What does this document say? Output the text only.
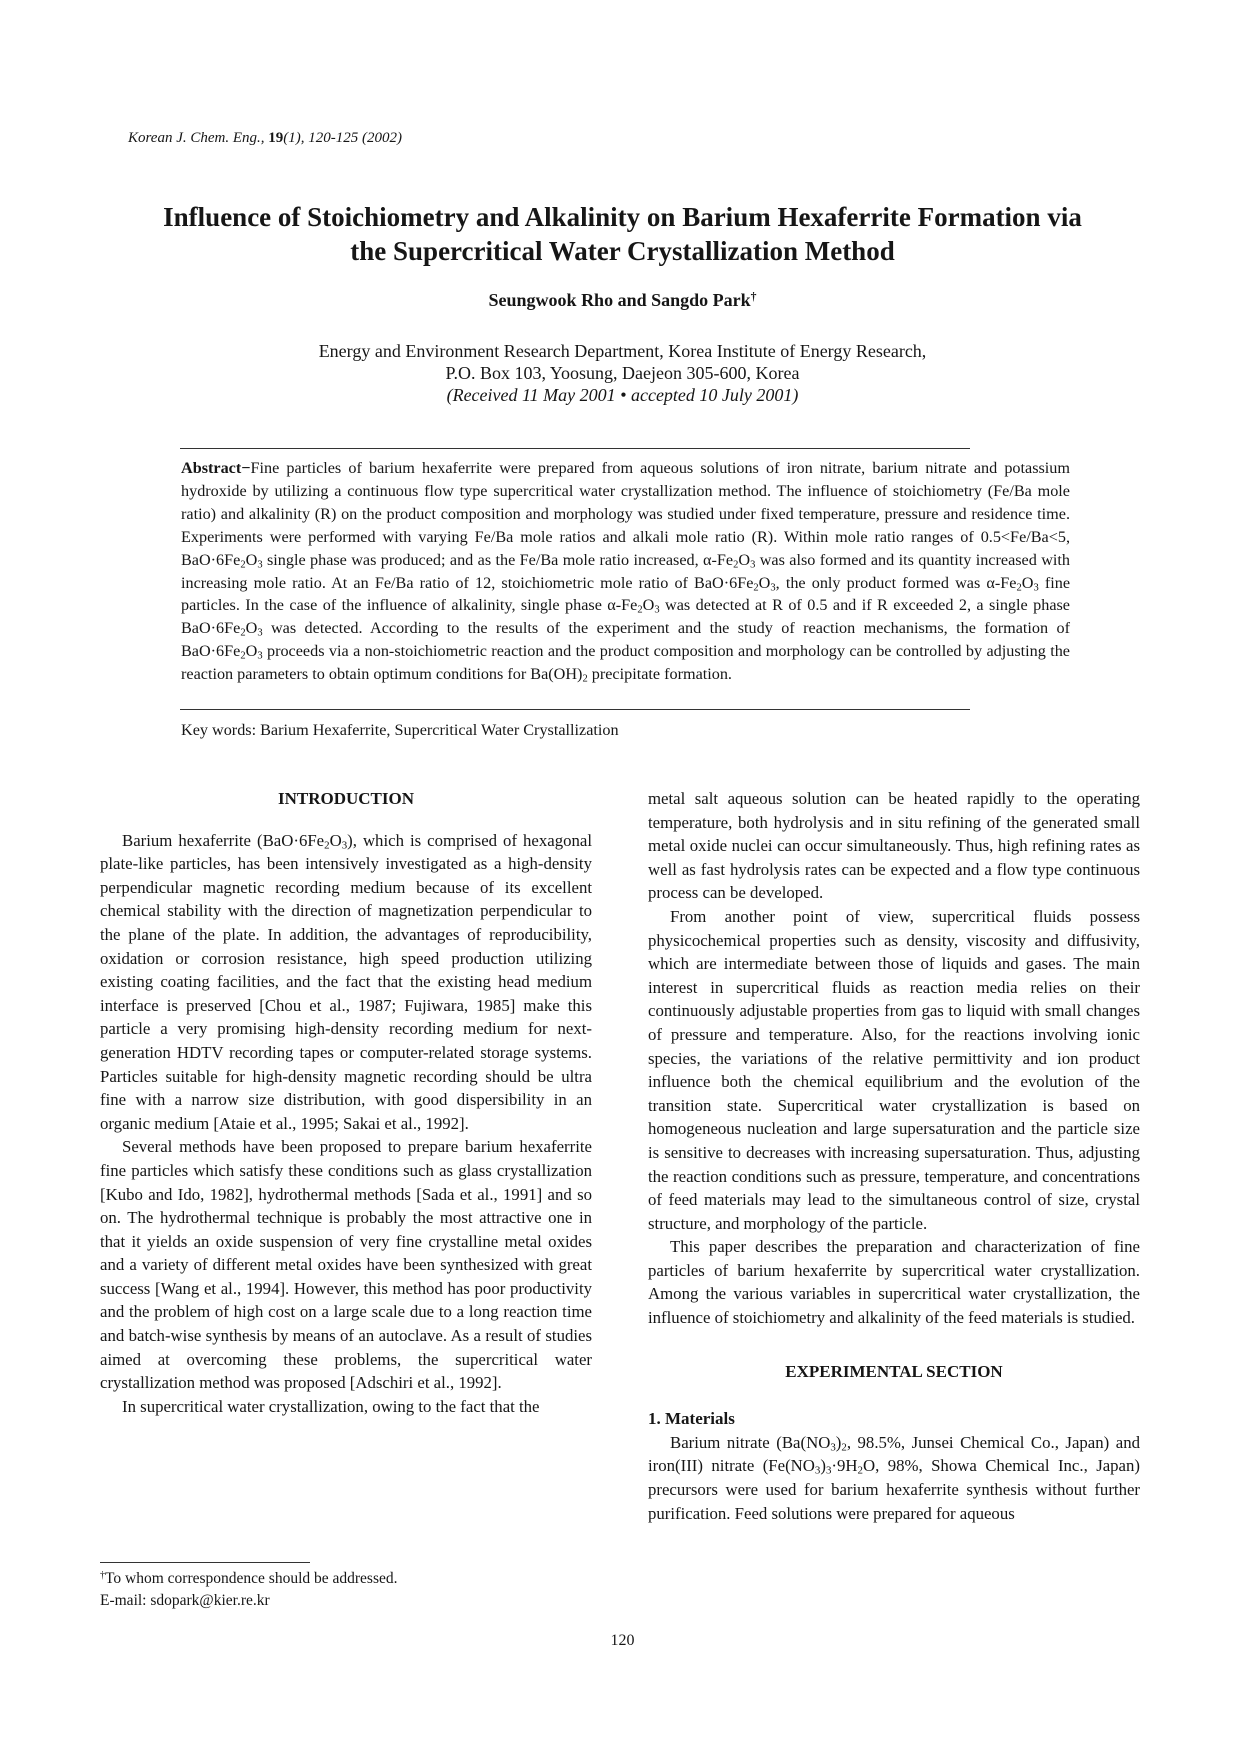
Korean J. Chem. Eng., 19(1), 120-125 (2002)
Influence of Stoichiometry and Alkalinity on Barium Hexaferrite Formation via
the Supercritical Water Crystallization Method
Seungwook Rho and Sangdo Park†
Energy and Environment Research Department, Korea Institute of Energy Research,
P.O. Box 103, Yoosung, Daejeon 305-600, Korea
(Received 11 May 2001 • accepted 10 July 2001)
Abstract−Fine particles of barium hexaferrite were prepared from aqueous solutions of iron nitrate, barium nitrate and potassium hydroxide by utilizing a continuous flow type supercritical water crystallization method. The influence of stoichiometry (Fe/Ba mole ratio) and alkalinity (R) on the product composition and morphology was studied under fixed temperature, pressure and residence time. Experiments were performed with varying Fe/Ba mole ratios and alkali mole ratio (R). Within mole ratio ranges of 0.5<Fe/Ba<5, $BaO\cdot 6Fe_2O_3$ single phase was produced; and as the Fe/Ba mole ratio increased, $\alpha-Fe_2O_3$ was also formed and its quantity increased with increasing mole ratio. At an Fe/Ba ratio of 12, stoichiometric mole ratio of $BaO\cdot 6Fe_2O_3$, the only product formed was $\alpha-Fe_2O_3$ fine particles. In the case of the influence of alkalinity, single phase $\alpha-Fe_2O_3$ was detected at R of 0.5 and if R exceeded 2, a single phase $BaO\cdot 6Fe_2O_3$ was detected. According to the results of the experiment and the study of reaction mechanisms, the formation of $BaO\cdot 6Fe_2O_3$ proceeds via a non-stoichiometric reaction and the product composition and morphology can be controlled by adjusting the reaction parameters to obtain optimum conditions for $Ba(OH)_2$ precipitate formation.
Key words: Barium Hexaferrite, Supercritical Water Crystallization
INTRODUCTION

Barium hexaferrite $(BaO\cdot 6Fe_2O_3)$, which is comprised of hexagonal plate-like particles, has been intensively investigated as a high-density perpendicular magnetic recording medium because of its excellent chemical stability with the direction of magnetization perpendicular to the plane of the plate. In addition, the advantages of reproducibility, oxidation or corrosion resistance, high speed production utilizing existing coating facilities, and the fact that the existing head medium interface is preserved [Chou et al., 1987; Fujiwara, 1985] make this particle a very promising high-density recording medium for next-generation HDTV recording tapes or computer-related storage systems. Particles suitable for high-density magnetic recording should be ultra fine with a narrow size distribution, with good dispersibility in an organic medium [Ataie et al., 1995; Sakai et al., 1992].

Several methods have been proposed to prepare barium hexaferrite fine particles which satisfy these conditions such as glass crystallization [Kubo and Ido, 1982], hydrothermal methods [Sada et al., 1991] and so on. The hydrothermal technique is probably the most attractive one in that it yields an oxide suspension of very fine crystalline metal oxides and a variety of different metal oxides have been synthesized with great success [Wang et al., 1994]. However, this method has poor productivity and the problem of high cost on a large scale due to a long reaction time and batch-wise synthesis by means of an autoclave. As a result of studies aimed at overcoming these problems, the supercritical water crystallization method was proposed [Adschiri et al., 1992].

In supercritical water crystallization, owing to the fact that the

†To whom correspondence should be addressed.
E-mail: sdopark@kier.re.kr

metal salt aqueous solution can be heated rapidly to the operating temperature, both hydrolysis and in situ refining of the generated small metal oxide nuclei can occur simultaneously. Thus, high refining rates as well as fast hydrolysis rates can be expected and a flow type continuous process can be developed.

From another point of view, supercritical fluids possess physicochemical properties such as density, viscosity and diffusivity, which are intermediate between those of liquids and gases. The main interest in supercritical fluids as reaction media relies on their continuously adjustable properties from gas to liquid with small changes of pressure and temperature. Also, for the reactions involving ionic species, the variations of the relative permittivity and ion product influence both the chemical equilibrium and the evolution of the transition state. Supercritical water crystallization is based on homogeneous nucleation and large supersaturation and the particle size is sensitive to decreases with increasing supersaturation. Thus, adjusting the reaction conditions such as pressure, temperature, and concentrations of feed materials may lead to the simultaneous control of size, crystal structure, and morphology of the particle.

This paper describes the preparation and characterization of fine particles of barium hexaferrite by supercritical water crystallization. Among the various variables in supercritical water crystallization, the influence of stoichiometry and alkalinity of the feed materials is studied.

EXPERIMENTAL SECTION
1. Materials

Barium nitrate ($Ba(NO_3)_2$, 98.5%, Junsei Chemical Co., Japan) and iron(III) nitrate ($Fe(NO_3)_3\cdot 9H_2O$, 98%, Showa Chemical Inc., Japan) precursors were used for barium hexaferrite synthesis without further purification. Feed solutions were prepared for aqueous

120
